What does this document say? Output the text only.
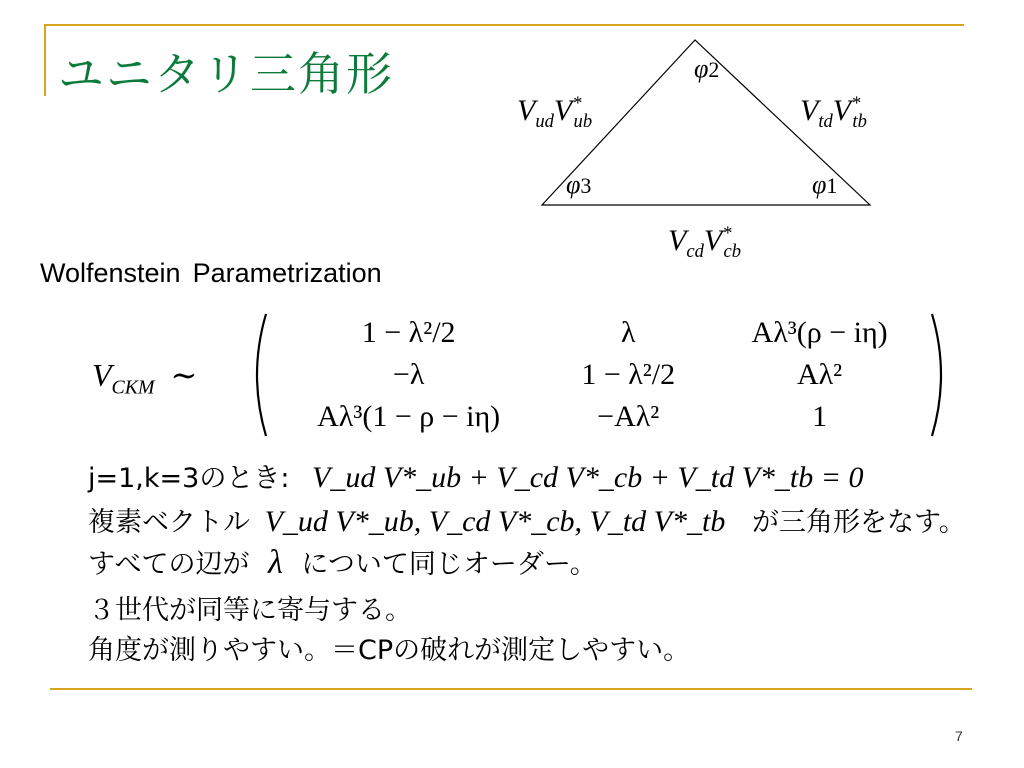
ユニタリ三角形	φ2
φ3	φ1
$V_{ud}V^*_{ub}$	$V_{td}V^*_{tb}$
$V_{cd}V^*_{cb}$
Wolfenstein Parametrization
$V_{CKM}$ ∼
1 − λ²/2	λ	Aλ³(ρ − iη)
−λ	1 − λ²/2	Aλ²
Aλ³(1 − ρ − iη)	−Aλ²	1
j=1,k=3のとき: V_ud V*_ub + V_cd V*_cb + V_td V*_tb = 0
複素ベクトル V_ud V*_ub, V_cd V*_cb, V_td V*_tb が三角形をなす。
すべての辺が λ について同じオーダー。
３世代が同等に寄与する。
角度が測りやすい。＝CPの破れが測定しやすい。
7
